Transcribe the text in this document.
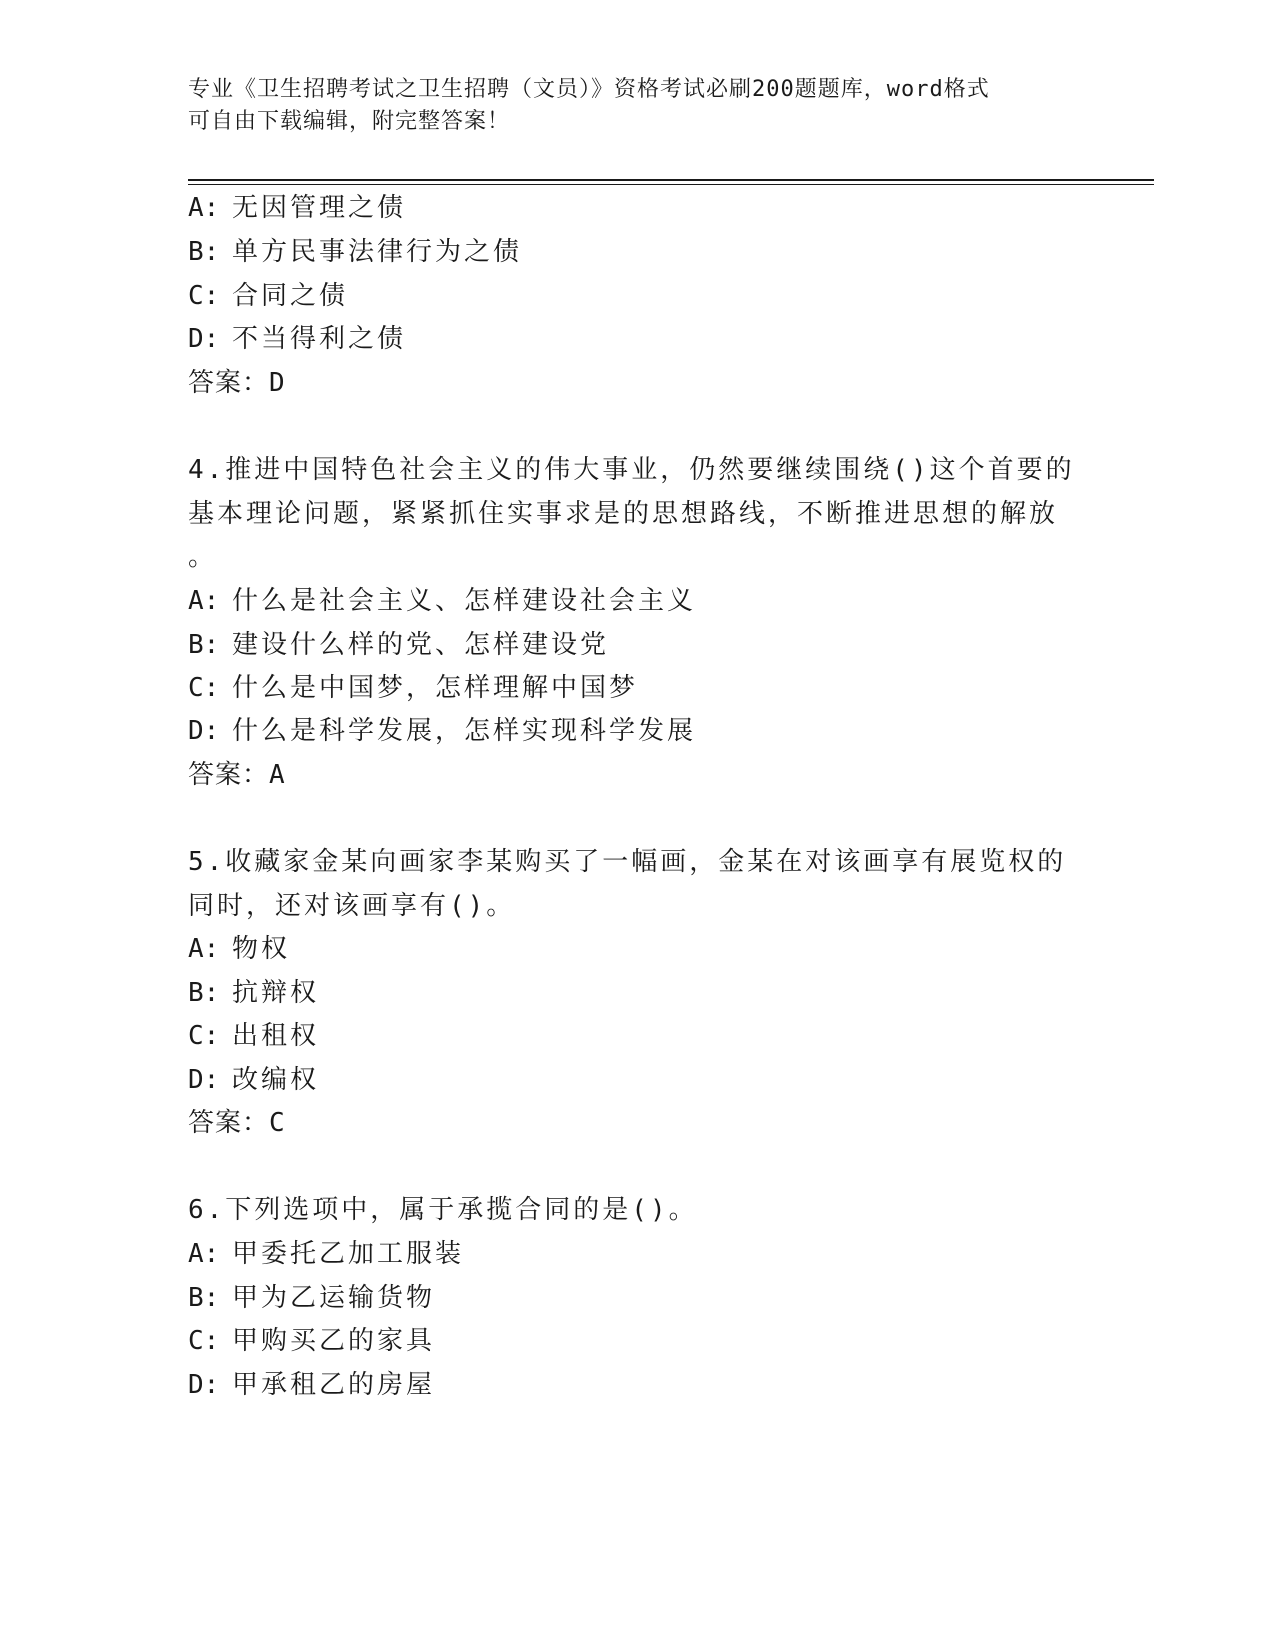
专业《卫生招聘考试之卫生招聘（文员）》资格考试必刷200题题库，word格式
可自由下载编辑，附完整答案！
A: 无因管理之债
B: 单方民事法律行为之债
C: 合同之债
D: 不当得利之债
答案：D
4.推进中国特色社会主义的伟大事业，仍然要继续围绕()这个首要的
基本理论问题，紧紧抓住实事求是的思想路线，不断推进思想的解放
。
A: 什么是社会主义、怎样建设社会主义
B: 建设什么样的党、怎样建设党
C: 什么是中国梦，怎样理解中国梦
D: 什么是科学发展，怎样实现科学发展
答案：A
5.收藏家金某向画家李某购买了一幅画，金某在对该画享有展览权的
同时，还对该画享有()。
A: 物权
B: 抗辩权
C: 出租权
D: 改编权
答案：C
6.下列选项中，属于承揽合同的是()。
A: 甲委托乙加工服装
B: 甲为乙运输货物
C: 甲购买乙的家具
D: 甲承租乙的房屋
